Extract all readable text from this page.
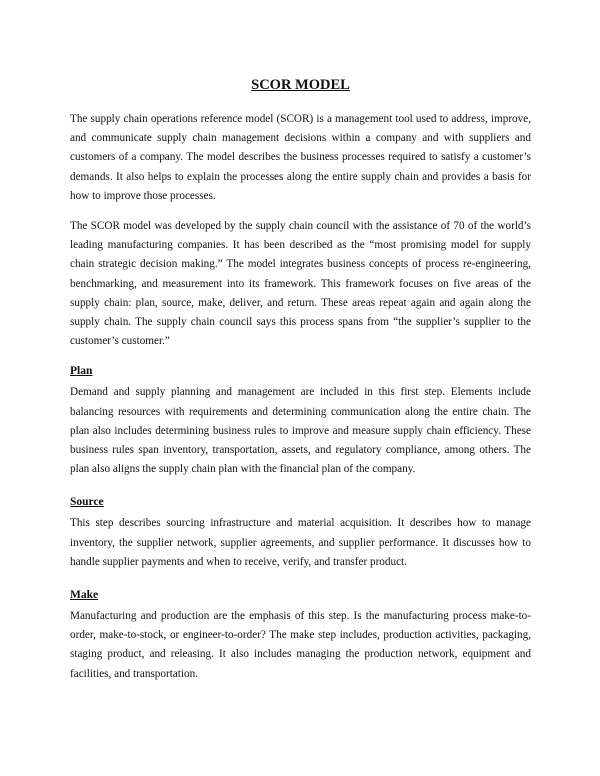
SCOR MODEL

The supply chain operations reference model (SCOR) is a management tool used to address, improve, and communicate supply chain management decisions within a company and with suppliers and customers of a company. The model describes the business processes required to satisfy a customer’s demands. It also helps to explain the processes along the entire supply chain and provides a basis for how to improve those processes.

The SCOR model was developed by the supply chain council with the assistance of 70 of the world’s leading manufacturing companies. It has been described as the “most promising model for supply chain strategic decision making.” The model integrates business concepts of process re-engineering, benchmarking, and measurement into its framework. This framework focuses on five areas of the supply chain: plan, source, make, deliver, and return. These areas repeat again and again along the supply chain. The supply chain council says this process spans from “the supplier’s supplier to the customer’s customer.”

Plan

Demand and supply planning and management are included in this first step. Elements include balancing resources with requirements and determining communication along the entire chain. The plan also includes determining business rules to improve and measure supply chain efficiency. These business rules span inventory, transportation, assets, and regulatory compliance, among others. The plan also aligns the supply chain plan with the financial plan of the company.

Source

This step describes sourcing infrastructure and material acquisition. It describes how to manage inventory, the supplier network, supplier agreements, and supplier performance. It discusses how to handle supplier payments and when to receive, verify, and transfer product.

Make

Manufacturing and production are the emphasis of this step. Is the manufacturing process make-to-order, make-to-stock, or engineer-to-order? The make step includes, production activities, packaging, staging product, and releasing. It also includes managing the production network, equipment and facilities, and transportation.
